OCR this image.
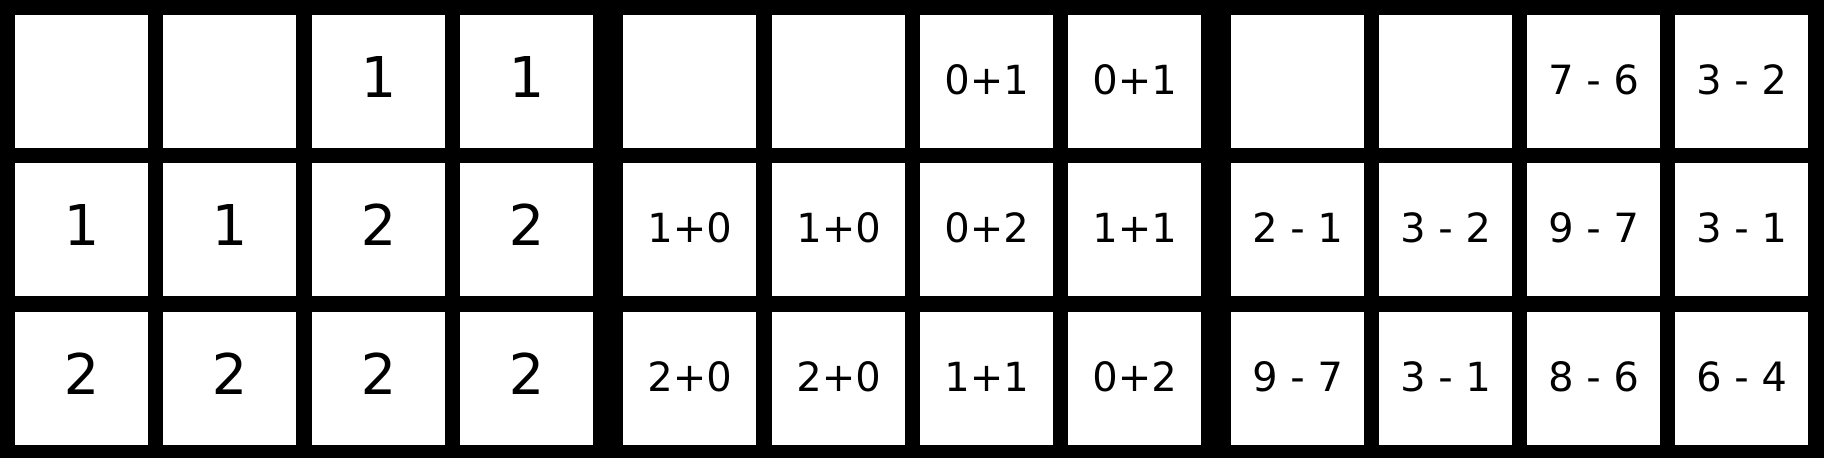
1 1
1 1 2 2
2 2 2 2
0+1 0+1
1+0 1+0 0+2 1+1
2+0 2+0 1+1 0+2
7 - 6 3 - 2
2 - 1 3 - 2 9 - 7 3 - 1
9 - 7 3 - 1 8 - 6 6 - 4
